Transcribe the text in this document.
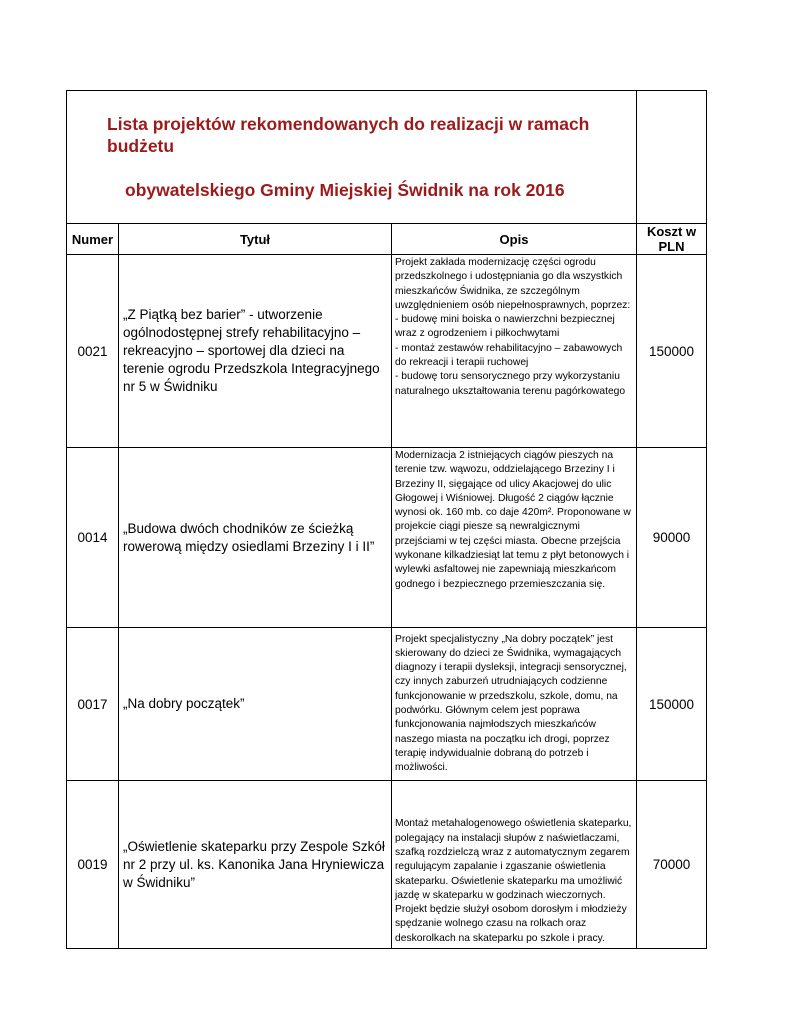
Lista projektów rekomendowanych do realizacji w ramach budżetu

obywatelskiego Gminy Miejskiej Świdnik na rok 2016			

Numer	Tytuł	Opis	Koszt w PLN
0021	„Z Piątką bez barier” - utworzenie ogólnodostępnej strefy rehabilitacyjno – rekreacyjno – sportowej dla dzieci na terenie ogrodu Przedszkola Integracyjnego nr 5 w Świdniku	Projekt zakłada modernizację części ogrodu przedszkolnego i udostępniania go dla wszystkich mieszkańców Świdnika, ze szczególnym uwzględnieniem osób niepełnosprawnych, poprzez:
- budowę mini boiska o nawierzchni bezpiecznej wraz z ogrodzeniem i piłkochwytami
- montaż zestawów rehabilitacyjno – zabawowych do rekreacji i terapii ruchowej
- budowę toru sensorycznego przy wykorzystaniu naturalnego ukształtowania terenu pagórkowatego	150000
0014	„Budowa dwóch chodników ze ścieżką rowerową między osiedlami Brzeziny I i II”	Modernizacja 2 istniejących ciągów pieszych na terenie tzw. wąwozu, oddzielającego Brzeziny I i Brzeziny II, sięgające od ulicy Akacjowej do ulic Głogowej i Wiśniowej. Długość 2 ciągów łącznie wynosi ok. 160 mb. co daje 420m². Proponowane w projekcie ciągi piesze są newralgicznymi przejściami w tej części miasta. Obecne przejścia wykonane kilkadziesiąt lat temu z płyt betonowych i wylewki asfaltowej nie zapewniają mieszkańcom godnego i bezpiecznego przemieszczania się.	90000
0017	„Na dobry początek”	Projekt specjalistyczny „Na dobry początek” jest skierowany do dzieci ze Świdnika, wymagających diagnozy i terapii dysleksji, integracji sensorycznej, czy innych zaburzeń utrudniających codzienne funkcjonowanie w przedszkolu, szkole, domu, na podwórku. Głównym celem jest poprawa funkcjonowania najmłodszych mieszkańców naszego miasta na początku ich drogi, poprzez terapię indywidualnie dobraną do potrzeb i możliwości.	150000
0019	„Oświetlenie skateparku przy Zespole Szkół nr 2 przy ul. ks. Kanonika Jana Hryniewicza w Świdniku”	Montaż metahalogenowego oświetlenia skateparku, polegający na instalacji słupów z naświetlaczami, szafką rozdzielczą wraz z automatycznym zegarem regulującym zapalanie i zgaszanie oświetlenia skateparku. Oświetlenie skateparku ma umożliwić jazdę w skateparku w godzinach wieczornych. Projekt będzie służył osobom dorosłym i młodzieży spędzanie wolnego czasu na rolkach oraz deskorolkach na skateparku po szkole i pracy.	70000
